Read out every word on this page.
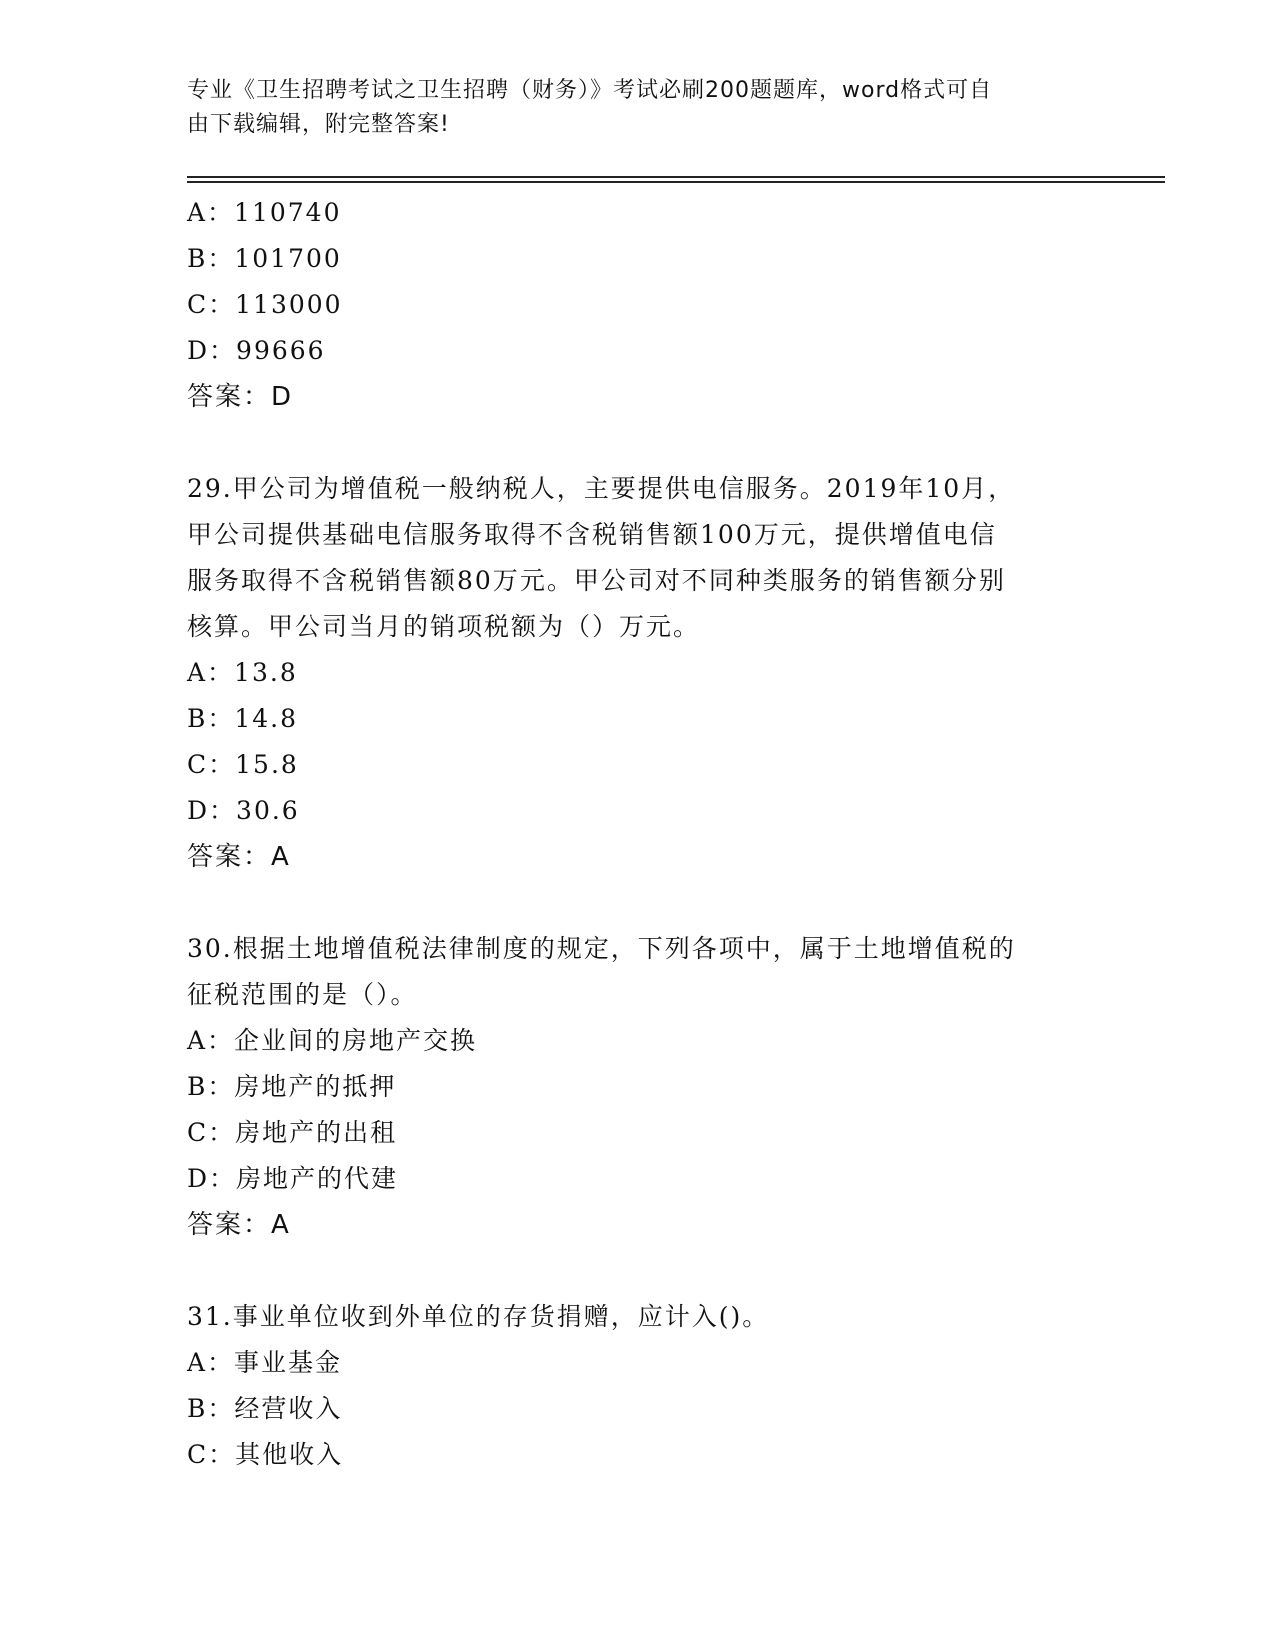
专业《卫生招聘考试之卫生招聘（财务）》考试必刷200题题库，word格式可自
由下载编辑，附完整答案!
A：110740
B：101700
C：113000
D：99666
答案：D
29.甲公司为增值税一般纳税人，主要提供电信服务。2019年10月，
甲公司提供基础电信服务取得不含税销售额100万元，提供增值电信
服务取得不含税销售额80万元。甲公司对不同种类服务的销售额分别
核算。甲公司当月的销项税额为（）万元。
A：13.8
B：14.8
C：15.8
D：30.6
答案：A
30.根据土地增值税法律制度的规定，下列各项中，属于土地增值税的
征税范围的是（）。
A：企业间的房地产交换
B：房地产的抵押
C：房地产的出租
D：房地产的代建
答案：A
31.事业单位收到外单位的存货捐赠，应计入()。
A：事业基金
B：经营收入
C：其他收入
